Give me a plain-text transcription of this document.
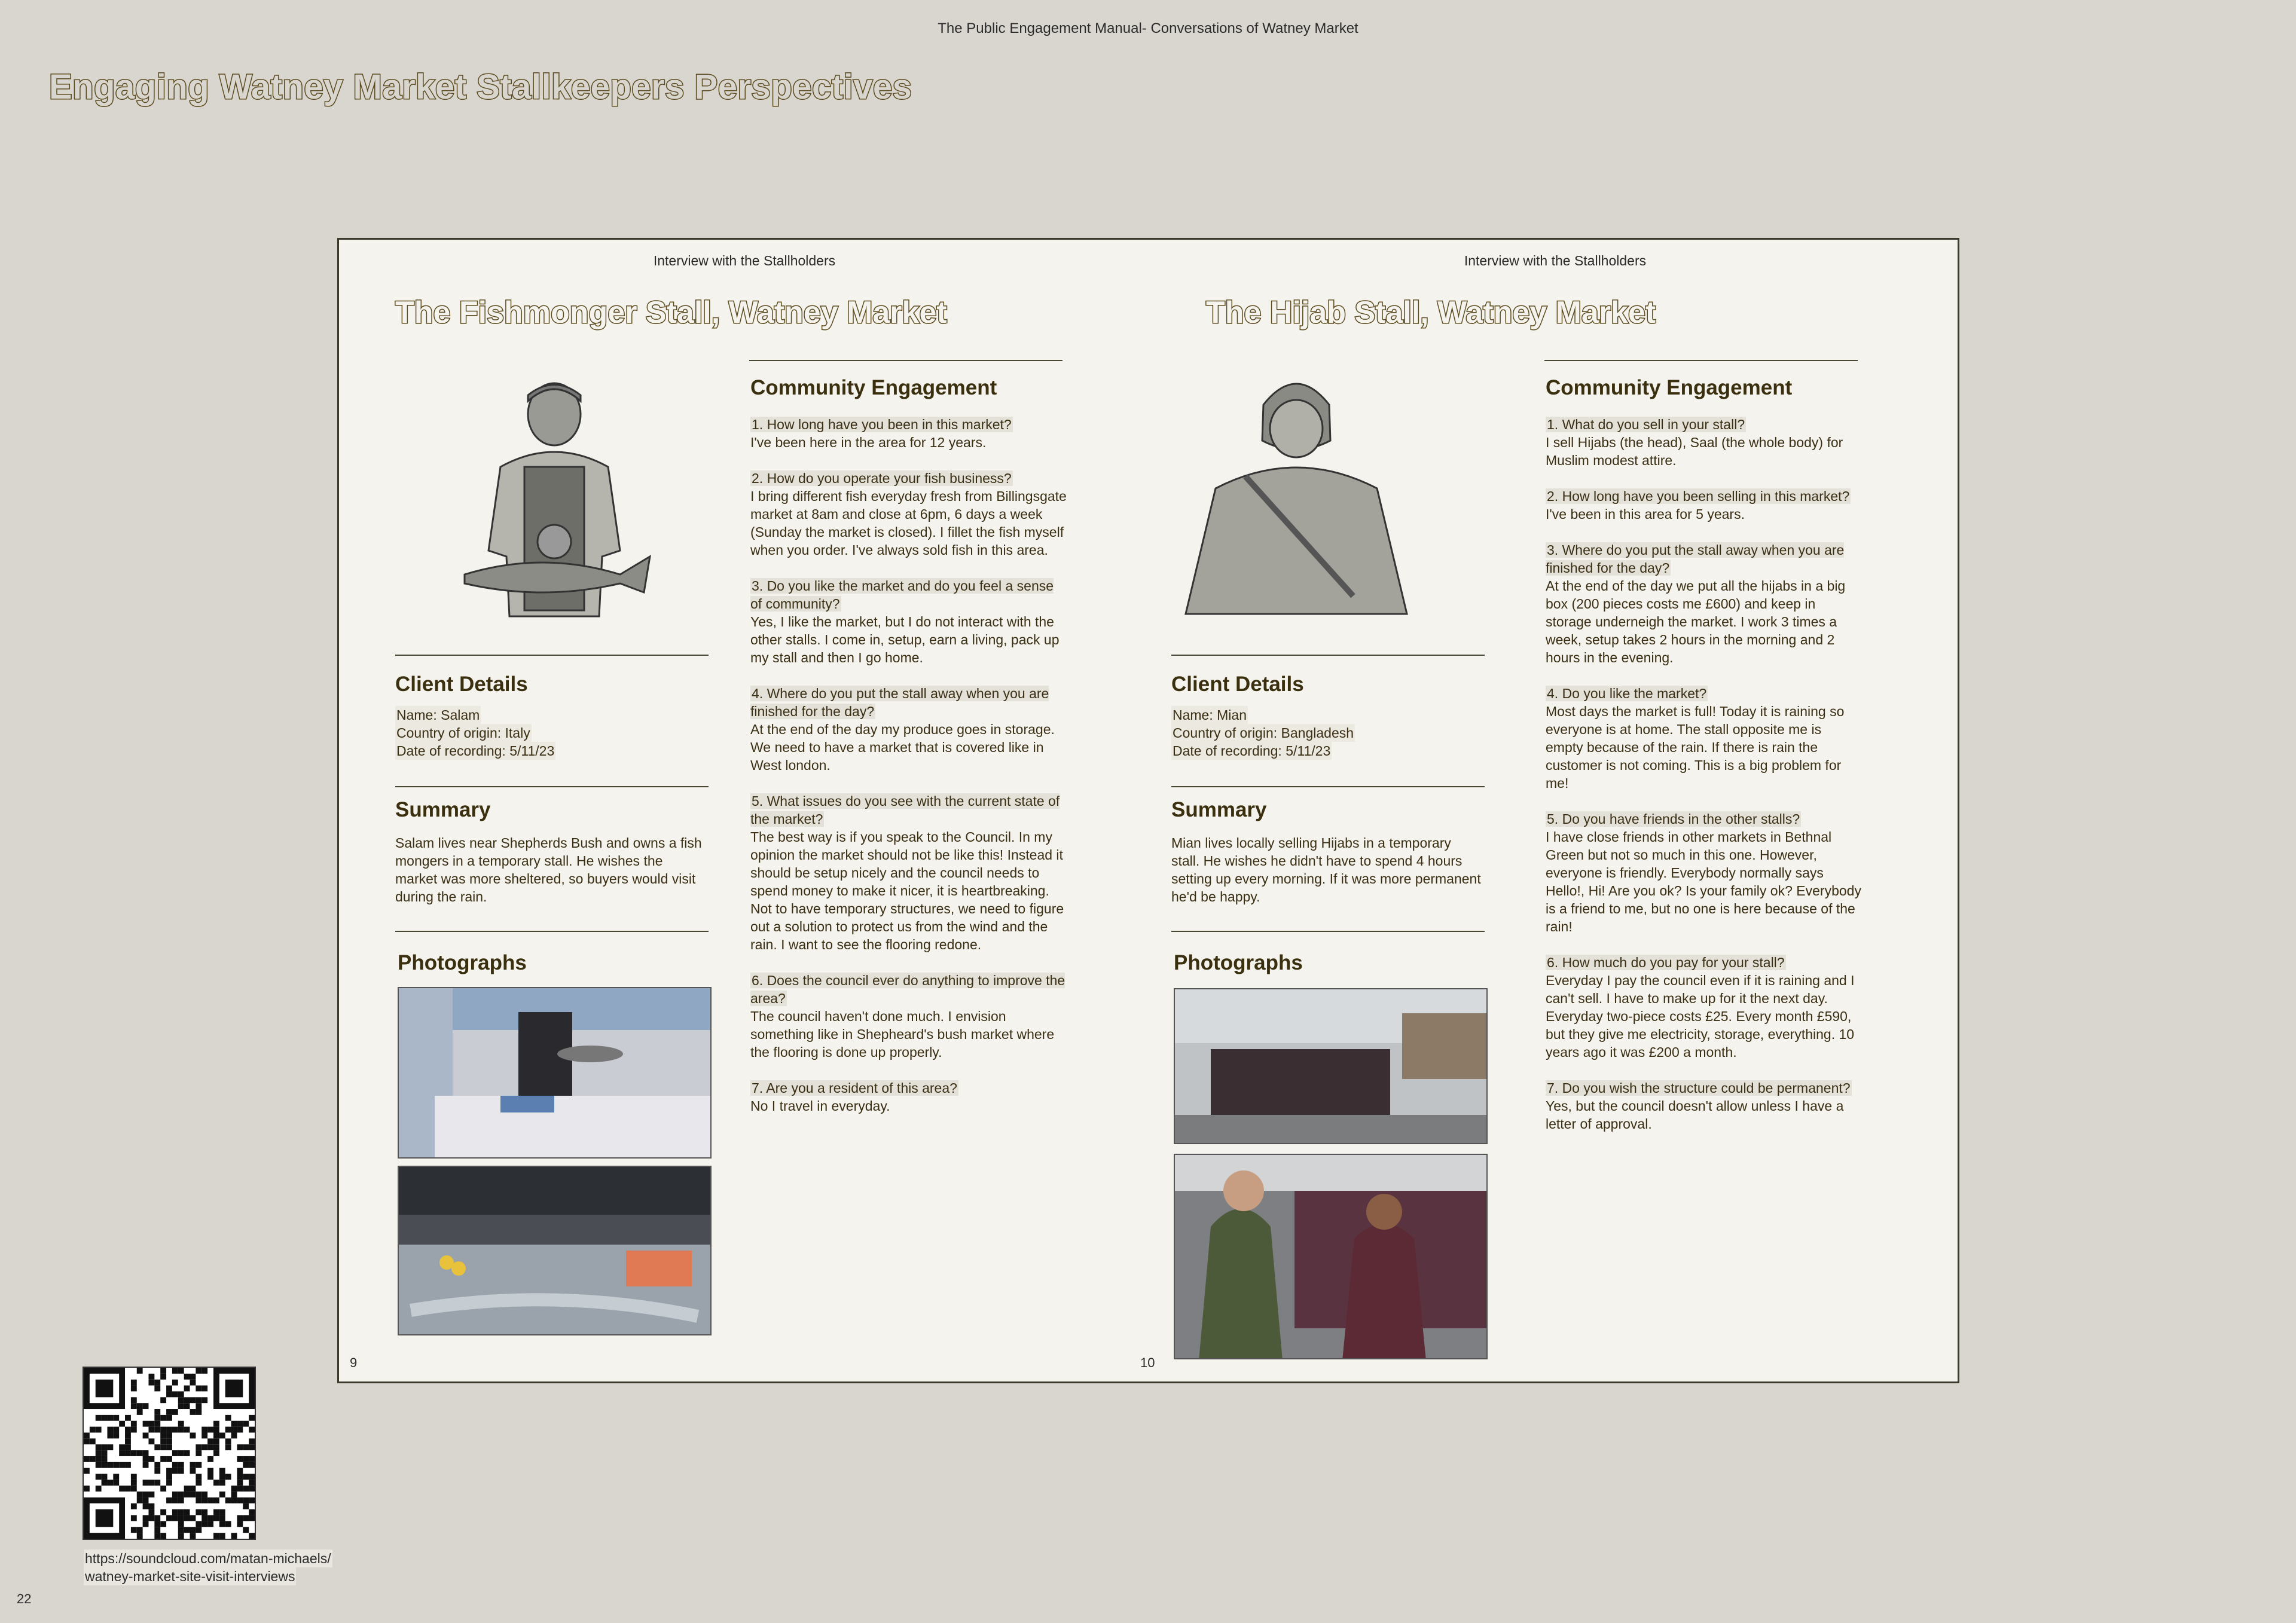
The Public Engagement Manual- Conversations of Watney Market
Engaging Watney Market Stallkeepers Perspectives
Interview with the Stallholders
The Fishmonger Stall, Watney Market
Client Details
Name: Salam
Country of origin: Italy
Date of recording: 5/11/23
Summary
Salam lives near Shepherds Bush and owns a fish mongers in a temporary stall. He wishes the market was more sheltered, so buyers would visit during the rain.
Photographs
Community Engagement
1. How long have you been in this market?
I've been here in the area for 12 years.
2. How do you operate your fish business?
I bring different fish everyday fresh from Billingsgate market at 8am and close at 6pm, 6 days a week (Sunday the market is closed). I fillet the fish myself when you order. I've always sold fish in this area.
3. Do you like the market and do you feel a sense of community?
Yes, I like the market, but I do not interact with the other stalls. I come in, setup, earn a living, pack up my stall and then I go home.
4. Where do you put the stall away when you are finished for the day?
At the end of the day my produce goes in storage. We need to have a market that is covered like in West london.
5. What issues do you see with the current state of the market?
The best way is if you speak to the Council. In my opinion the market should not be like this! Instead it should be setup nicely and the council needs to spend money to make it nicer, it is heartbreaking. Not to have temporary structures, we need to figure out a solution to protect us from the wind and the rain. I want to see the flooring redone.
6. Does the council ever do anything to improve the area?
The council haven't done much. I envision something like in Shepheard's bush market where the flooring is done up properly.
7. Are you a resident of this area?
No I travel in everyday.
9
Interview with the Stallholders
The Hijab Stall, Watney Market
Client Details
Name: Mian
Country of origin: Bangladesh
Date of recording: 5/11/23
Summary
Mian lives locally selling Hijabs in a temporary stall. He wishes he didn't have to spend 4 hours setting up every morning. If it was more permanent he'd be happy.
Photographs
Community Engagement
1. What do you sell in your stall?
I sell Hijabs (the head), Saal (the whole body) for Muslim modest attire.
2. How long have you been selling in this market?
I've been in this area for 5 years.
3. Where do you put the stall away when you are finished for the day?
At the end of the day we put all the hijabs in a big box (200 pieces costs me £600) and keep in storage underneigh the market. I work 3 times a week, setup takes 2 hours in the morning and 2 hours in the evening.
4. Do you like the market?
Most days the market is full! Today it is raining so everyone is at home. The stall opposite me is empty because of the rain. If there is rain the customer is not coming. This is a big problem for me!
5. Do you have friends in the other stalls?
I have close friends in other markets in Bethnal Green but not so much in this one. However, everyone is friendly. Everybody normally says Hello!, Hi! Are you ok? Is your family ok? Everybody is a friend to me, but no one is here because of the rain!
6. How much do you pay for your stall?
Everyday I pay the council even if it is raining and I can't sell. I have to make up for it the next day. Everyday two-piece costs £25. Every month £590, but they give me electricity, storage, everything. 10 years ago it was £200 a month.
7. Do you wish the structure could be permanent?
Yes, but the council doesn't allow unless I have a letter of approval.
10
https://soundcloud.com/matan-michaels/
watney-market-site-visit-interviews
22
